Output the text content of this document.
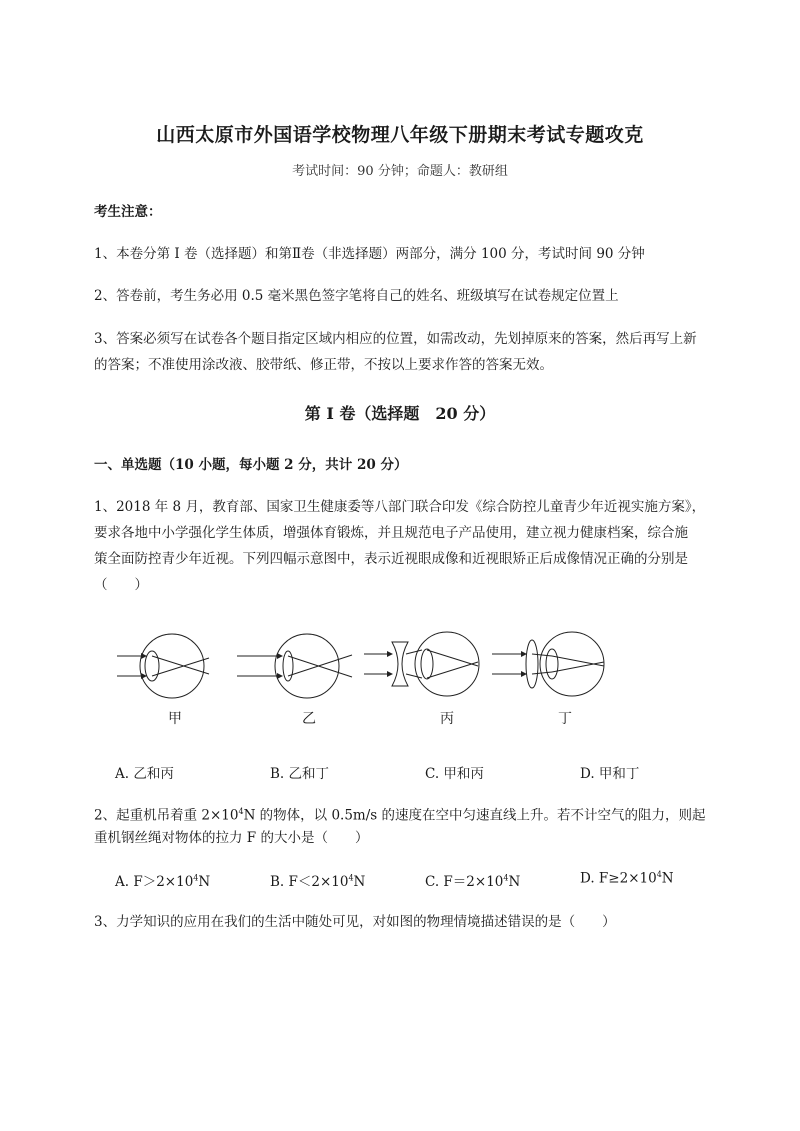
山西太原市外国语学校物理八年级下册期末考试专题攻克
考试时间：90 分钟；命题人：教研组
考生注意：
1、本卷分第 I 卷（选择题）和第Ⅱ卷（非选择题）两部分，满分 100 分，考试时间 90 分钟
2、答卷前，考生务必用 0.5 毫米黑色签字笔将自己的姓名、班级填写在试卷规定位置上
3、答案必须写在试卷各个题目指定区域内相应的位置，如需改动，先划掉原来的答案，然后再写上新
的答案；不准使用涂改液、胶带纸、修正带，不按以上要求作答的答案无效。
第 I 卷（选择题　20 分）
一、单选题（10 小题，每小题 2 分，共计 20 分）
1、2018 年 8 月，教育部、国家卫生健康委等八部门联合印发《综合防控儿童青少年近视实施方案》，
要求各地中小学强化学生体质，增强体育锻炼，并且规范电子产品使用，建立视力健康档案，综合施
策全面防控青少年近视。下列四幅示意图中，表示近视眼成像和近视眼矫正后成像情况正确的分别是
（　　）
甲	乙	丙	丁
A. 乙和丙	B. 乙和丁	C. 甲和丙	D. 甲和丁
2、起重机吊着重 $2\times 10^4N$ 的物体，以 0.5m/s 的速度在空中匀速直线上升。若不计空气的阻力，则起
重机钢丝绳对物体的拉力 F 的大小是（　　）
A. $F>2\times 10^4N$	B. $F<2\times 10^4N$	C. $F=2\times 10^4N$	D. $F\ge 2\times 10^4N$
3、力学知识的应用在我们的生活中随处可见，对如图的物理情境描述错误的是（　　）
